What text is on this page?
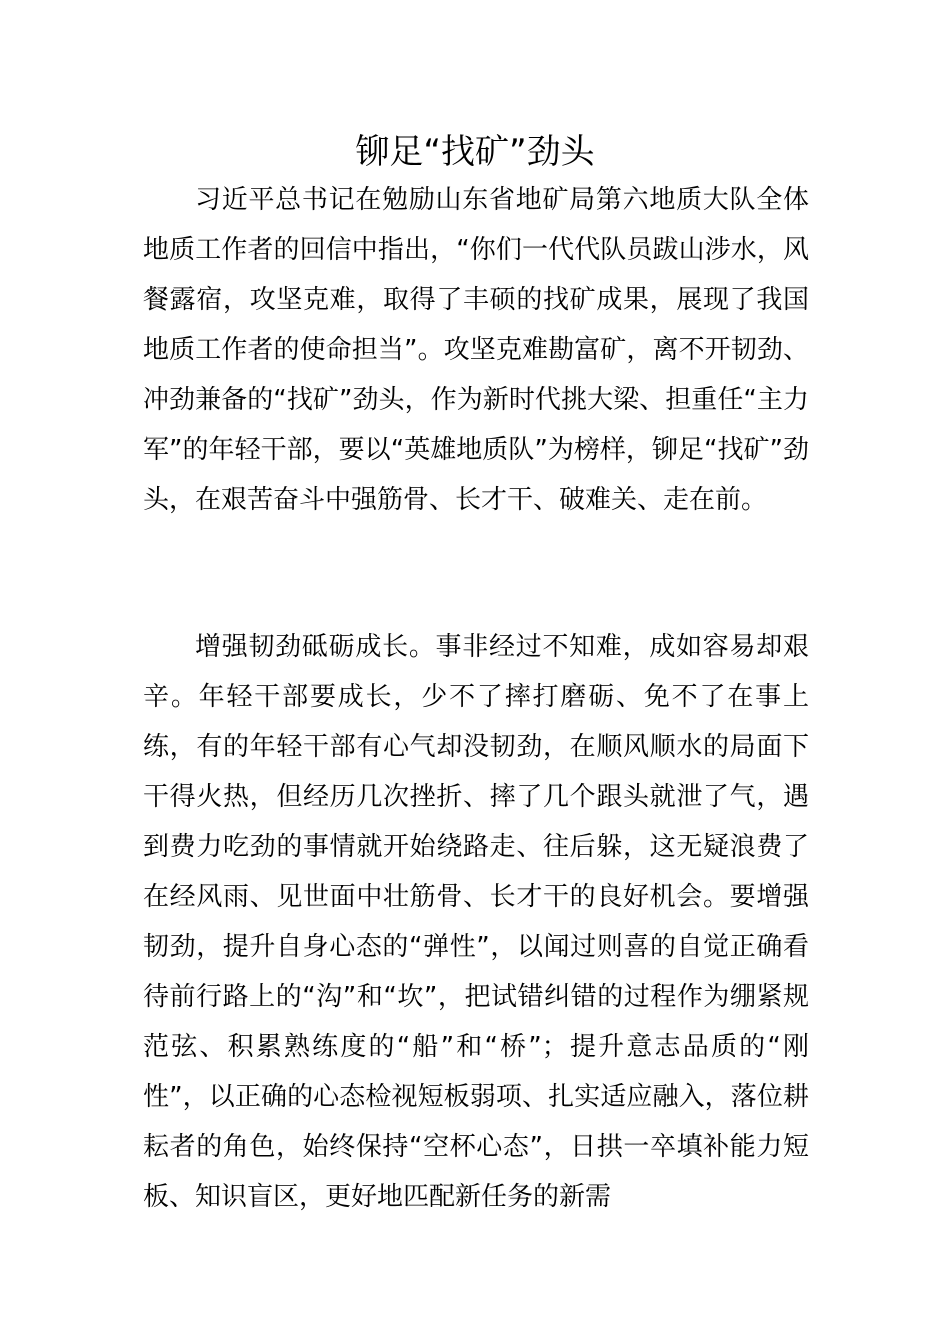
铆足“找矿”劲头

习近平总书记在勉励山东省地矿局第六地质大队全体地质工作者的回信中指出，“你们一代代队员跋山涉水，风餐露宿，攻坚克难，取得了丰硕的找矿成果，展现了我国地质工作者的使命担当”。攻坚克难勘富矿，离不开韧劲、冲劲兼备的“找矿”劲头，作为新时代挑大梁、担重任“主力军”的年轻干部，要以“英雄地质队”为榜样，铆足“找矿”劲头，在艰苦奋斗中强筋骨、长才干、破难关、走在前。

增强韧劲砥砺成长。事非经过不知难，成如容易却艰辛。年轻干部要成长，少不了摔打磨砺、免不了在事上练，有的年轻干部有心气却没韧劲，在顺风顺水的局面下干得火热，但经历几次挫折、摔了几个跟头就泄了气，遇到费力吃劲的事情就开始绕路走、往后躲，这无疑浪费了在经风雨、见世面中壮筋骨、长才干的良好机会。要增强韧劲，提升自身心态的“弹性”，以闻过则喜的自觉正确看待前行路上的“沟”和“坎”，把试错纠错的过程作为绷紧规范弦、积累熟练度的“船”和“桥”；提升意志品质的“刚性”，以正确的心态检视短板弱项、扎实适应融入，落位耕耘者的角色，始终保持“空杯心态”，日拱一卒填补能力短板、知识盲区，更好地匹配新任务的新需
